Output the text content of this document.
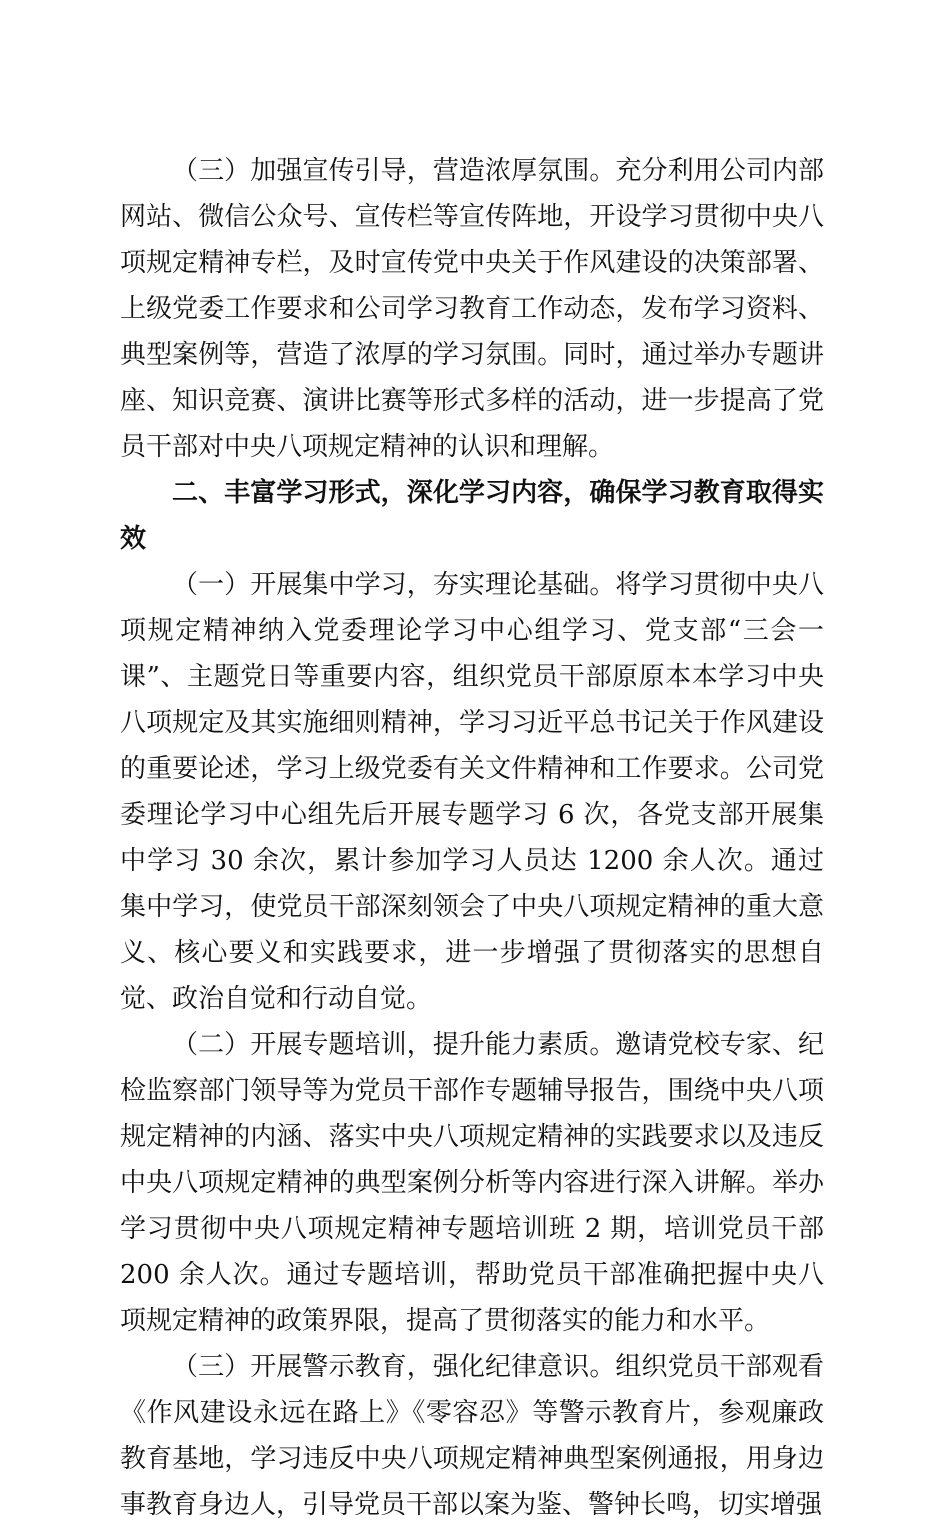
（三）加强宣传引导，营造浓厚氛围。充分利用公司内部网站、微信公众号、宣传栏等宣传阵地，开设学习贯彻中央八项规定精神专栏，及时宣传党中央关于作风建设的决策部署、上级党委工作要求和公司学习教育工作动态，发布学习资料、典型案例等，营造了浓厚的学习氛围。同时，通过举办专题讲座、知识竞赛、演讲比赛等形式多样的活动，进一步提高了党员干部对中央八项规定精神的认识和理解。

二、丰富学习形式，深化学习内容，确保学习教育取得实效

（一）开展集中学习，夯实理论基础。将学习贯彻中央八项规定精神纳入党委理论学习中心组学习、党支部“三会一课”、主题党日等重要内容，组织党员干部原原本本学习中央八项规定及其实施细则精神，学习习近平总书记关于作风建设的重要论述，学习上级党委有关文件精神和工作要求。公司党委理论学习中心组先后开展专题学习 6 次，各党支部开展集中学习 30 余次，累计参加学习人员达 1200 余人次。通过集中学习，使党员干部深刻领会了中央八项规定精神的重大意义、核心要义和实践要求，进一步增强了贯彻落实的思想自觉、政治自觉和行动自觉。

（二）开展专题培训，提升能力素质。邀请党校专家、纪检监察部门领导等为党员干部作专题辅导报告，围绕中央八项规定精神的内涵、落实中央八项规定精神的实践要求以及违反中央八项规定精神的典型案例分析等内容进行深入讲解。举办学习贯彻中央八项规定精神专题培训班 2 期，培训党员干部 200 余人次。通过专题培训，帮助党员干部准确把握中央八项规定精神的政策界限，提高了贯彻落实的能力和水平。

（三）开展警示教育，强化纪律意识。组织党员干部观看《作风建设永远在路上》《零容忍》等警示教育片，参观廉政教育基地，学习违反中央八项规定精神典型案例通报，用身边事教育身边人，引导党员干部以案为鉴、警钟长鸣，切实增强
